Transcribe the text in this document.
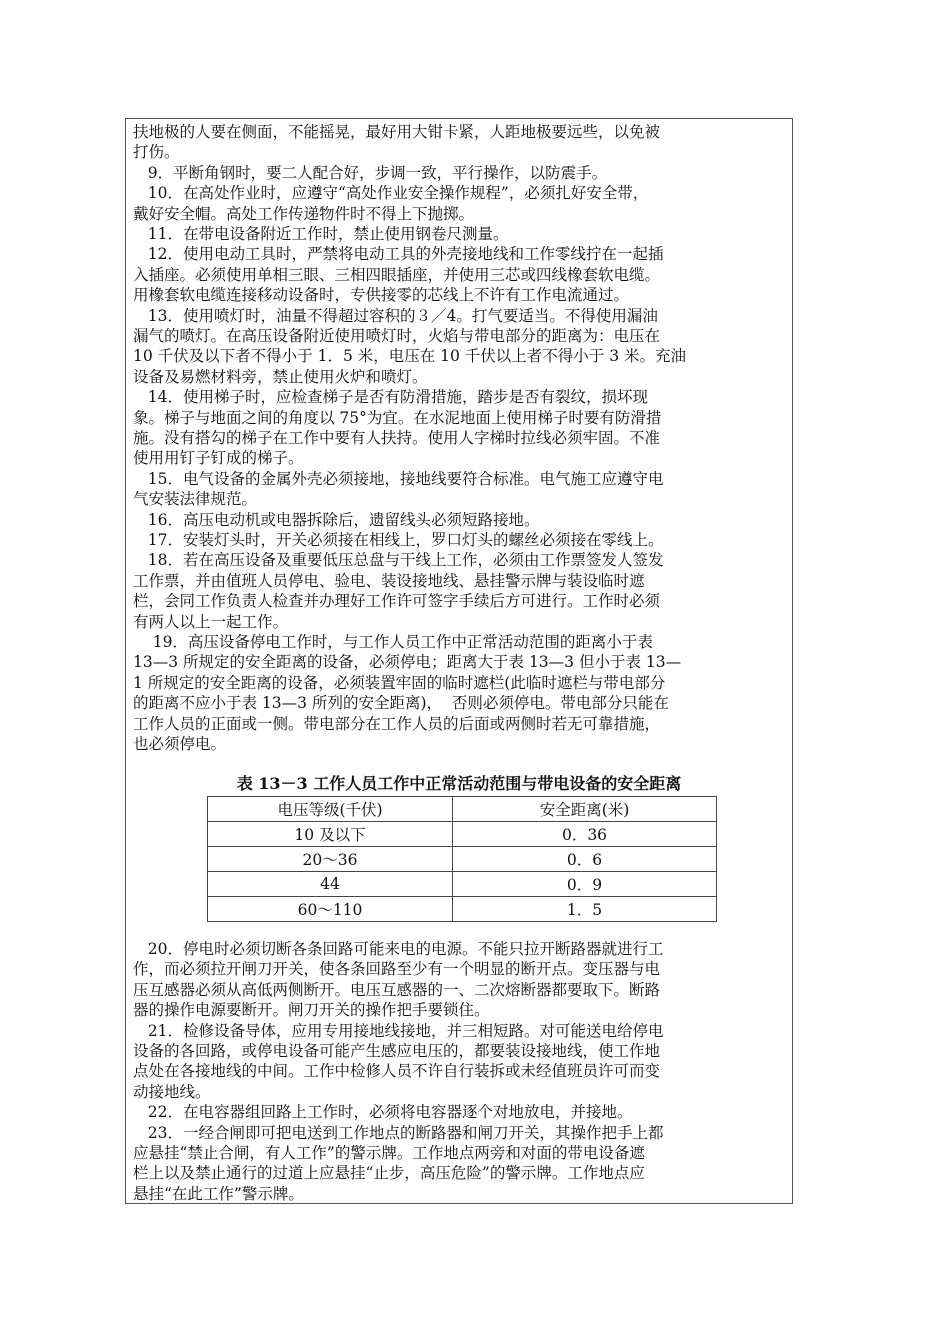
表 13－3 工作人员工作中正常活动范围与带电设备的安全距离
电压等级(千伏)	安全距离(米)
10 及以下	0．36
20～36	0．6
44	0．9
60～110	1．5

扶地极的人要在侧面，不能摇晃，最好用大钳卡紧，人距地极要远些，以免被
打伤。

9．平断角钢时，要二人配合好，步调一致，平行操作，以防震手。

10．在高处作业时，应遵守“高处作业安全操作规程”，必须扎好安全带，
戴好安全帽。高处工作传递物件时不得上下抛掷。

11．在带电设备附近工作时，禁止使用钢卷尺测量。

12．使用电动工具时，严禁将电动工具的外壳接地线和工作零线拧在一起插
入插座。必须使用单相三眼、三相四眼插座，并使用三芯或四线橡套软电缆。
用橡套软电缆连接移动设备时，专供接零的芯线上不许有工作电流通过。

13．使用喷灯时，油量不得超过容积的３／4。打气要适当。不得使用漏油
漏气的喷灯。在高压设备附近使用喷灯时，火焰与带电部分的距离为：电压在
10 千伏及以下者不得小于 1．5 米，电压在 10 千伏以上者不得小于 3 米。充油
设备及易燃材料旁，禁止使用火炉和喷灯。

14．使用梯子时，应检查梯子是否有防滑措施，踏步是否有裂纹，损坏现
象。梯子与地面之间的角度以 75°为宜。在水泥地面上使用梯子时要有防滑措
施。没有搭勾的梯子在工作中要有人扶持。使用人字梯时拉线必须牢固。不准
使用用钉子钉成的梯子。

15．电气设备的金属外壳必须接地，接地线要符合标准。电气施工应遵守电
气安装法律规范。

16．高压电动机或电器拆除后，遗留线头必须短路接地。

17．安装灯头时，开关必须接在相线上，罗口灯头的螺丝必须接在零线上。

18．若在高压设备及重要低压总盘与干线上工作，必须由工作票签发人签发
工作票，并由值班人员停电、验电、装设接地线、悬挂警示牌与装设临时遮
栏，会同工作负责人检查并办理好工作许可签字手续后方可进行。工作时必须
有两人以上一起工作。

19．高压设备停电工作时，与工作人员工作中正常活动范围的距离小于表
13—3 所规定的安全距离的设备，必须停电；距离大于表 13—3 但小于表 13—
1 所规定的安全距离的设备，必须装置牢固的临时遮栏(此临时遮栏与带电部分
的距离不应小于表 13—3 所列的安全距离)，  否则必须停电。带电部分只能在
工作人员的正面或一侧。带电部分在工作人员的后面或两侧时若无可靠措施，
也必须停电。

20．停电时必须切断各条回路可能来电的电源。不能只拉开断路器就进行工
作，而必须拉开闸刀开关，使各条回路至少有一个明显的断开点。变压器与电
压互感器必须从高低两侧断开。电压互感器的一、二次熔断器都要取下。断路
器的操作电源要断开。闸刀开关的操作把手要锁住。

21．检修设备导体，应用专用接地线接地，并三相短路。对可能送电给停电
设备的各回路，或停电设备可能产生感应电压的，都要装设接地线，使工作地
点处在各接地线的中间。工作中检修人员不许自行装拆或未经值班员许可而变
动接地线。

22．在电容器组回路上工作时，必须将电容器逐个对地放电，并接地。

23．一经合闸即可把电送到工作地点的断路器和闸刀开关，其操作把手上都
应悬挂“禁止合闸，有人工作”的警示牌。工作地点两旁和对面的带电设备遮
栏上以及禁止通行的过道上应悬挂“止步，高压危险”的警示牌。工作地点应
悬挂“在此工作”警示牌。
